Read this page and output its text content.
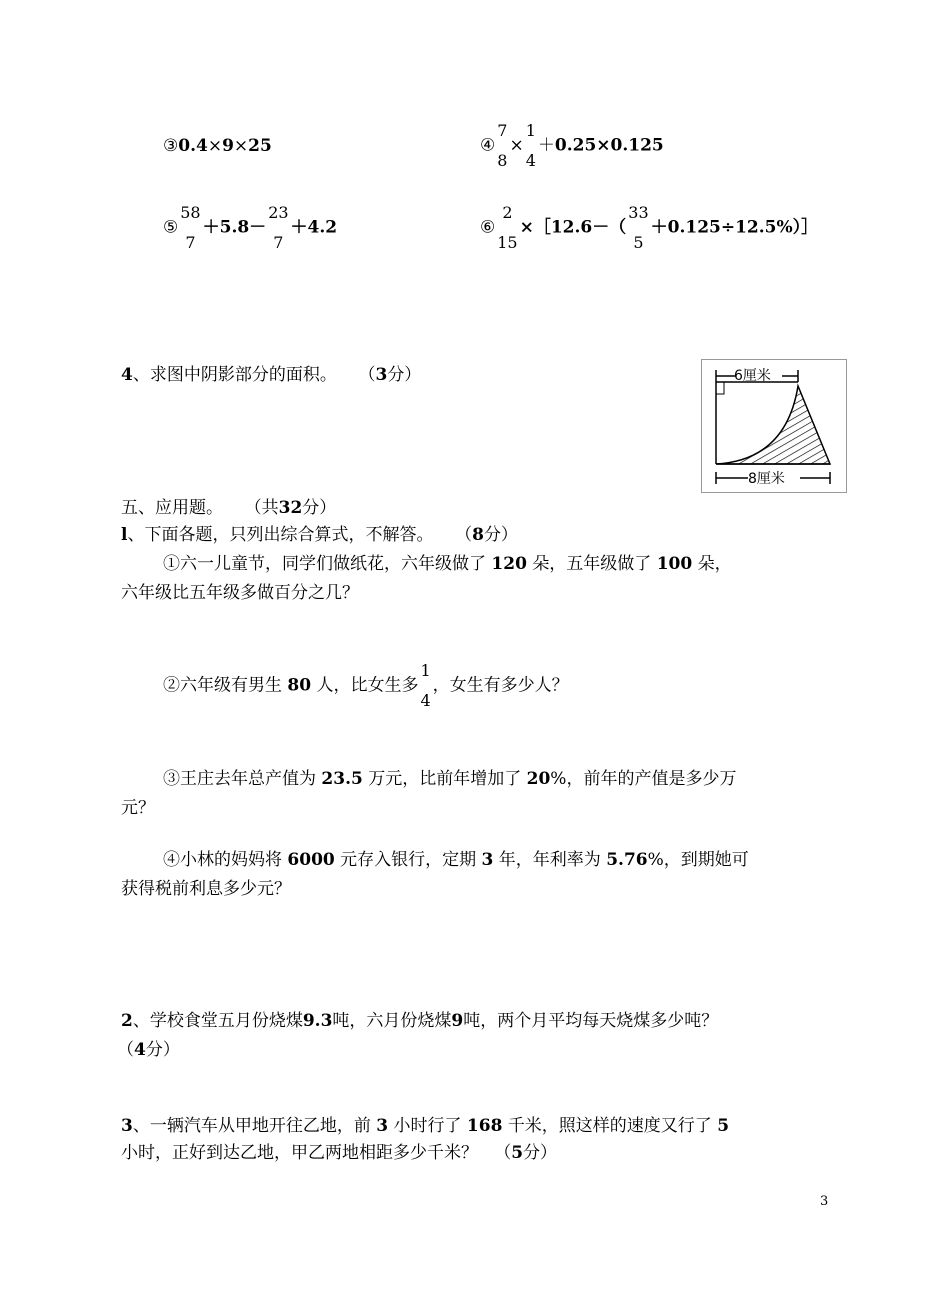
③0.4×9×25	④
7
8
×
1
4
＋0.25×0.125
⑤
58
7
＋5.8－
23
7
＋4.2	⑥
2
15
×［12.6－（
33
5
＋0.125÷12.5%）］
4、求图中阴影部分的面积。 （3分）	6厘米
8厘米
五、应用题。 （共32分）
l、下面各题，只列出综合算式，不解答。 （8分）
①六一儿童节，同学们做纸花，六年级做了 120 朵，五年级做了 100 朵，
六年级比五年级多做百分之几？
②六年级有男生 80 人，比女生多
1
4
，女生有多少人？
③王庄去年总产值为 23.5 万元，比前年增加了 20%，前年的产值是多少万
元？
④小林的妈妈将 6000 元存入银行，定期 3 年，年利率为 5.76%，到期她可
获得税前利息多少元？
2、学校食堂五月份烧煤9.3吨，六月份烧煤9吨，两个月平均每天烧煤多少吨？
（4分）
3、一辆汽车从甲地开往乙地，前 3 小时行了 168 千米，照这样的速度又行了 5
小时，正好到达乙地，甲乙两地相距多少千米？ （5分）
3
